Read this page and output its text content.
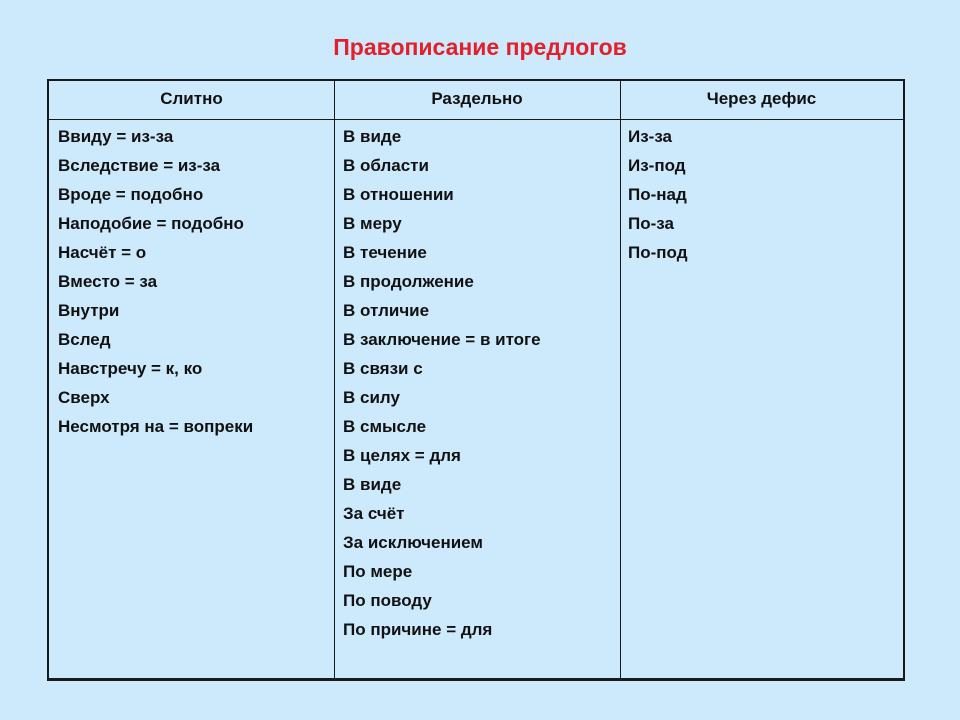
Правописание предлогов
Слитно	Раздельно	Через дефис
Ввиду = из-за
Вследствие = из-за
Вроде = подобно
Наподобие = подобно
Насчёт = о
Вместо = за
Внутри
Вслед
Навстречу = к, ко
Сверх
Несмотря на = вопреки
В виде
В области
В отношении
В меру
В течение
В продолжение
В отличие
В заключение = в итоге
В связи с
В силу
В смысле
В целях = для
В виде
За счёт
За исключением
По мере
По поводу
По причине = для
Из-за
Из-под
По-над
По-за
По-под
